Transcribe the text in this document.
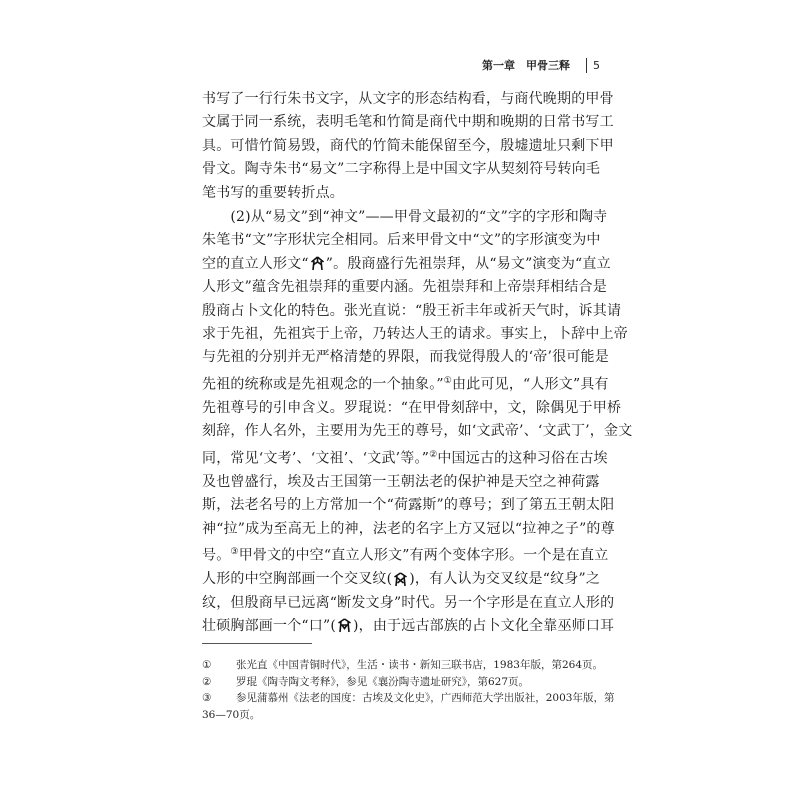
第一章　甲骨三释 5

书写了一行行朱书文字，从文字的形态结构看，与商代晚期的甲骨
文属于同一系统，表明毛笔和竹简是商代中期和晚期的日常书写工
具。可惜竹简易毁，商代的竹简未能保留至今，殷墟遗址只剩下甲
骨文。陶寺朱书“易文”二字称得上是中国文字从契刻符号转向毛
笔书写的重要转折点。

　　(2)从“易文”到“神文”——甲骨文最初的“文”字的字形和陶寺
朱笔书“文”字形状完全相同。后来甲骨文中“文”的字形演变为中
空的直立人形文“ ”。殷商盛行先祖崇拜，从“易文”演变为“直立
人形文”蕴含先祖崇拜的重要内涵。先祖崇拜和上帝崇拜相结合是
殷商占卜文化的特色。张光直说：“殷王祈丰年或祈天气时，诉其请
求于先祖，先祖宾于上帝，乃转达人王的请求。事实上，卜辞中上帝
与先祖的分别并无严格清楚的界限，而我觉得殷人的‘帝’很可能是
先祖的统称或是先祖观念的一个抽象。”①由此可见，“人形文”具有
先祖尊号的引申含义。罗琨说：“在甲骨刻辞中，文，除偶见于甲桥
刻辞，作人名外，主要用为先王的尊号，如‘文武帝’、‘文武丁’，金文
同，常见‘文考’、‘文祖’、‘文武’等。”②中国远古的这种习俗在古埃
及也曾盛行，埃及古王国第一王朝法老的保护神是天空之神荷露
斯，法老名号的上方常加一个“荷露斯”的尊号；到了第五王朝太阳
神“拉”成为至高无上的神，法老的名字上方又冠以“拉神之子”的尊
号。③甲骨文的中空“直立人形文”有两个变体字形。一个是在直立
人形的中空胸部画一个交叉纹( )，有人认为交叉纹是“纹身”之
纹，但殷商早已远离“断发文身”时代。另一个字形是在直立人形的
壮硕胸部画一个“口”( )，由于远古部族的占卜文化全靠巫师口耳

①	张光直《中国青铜时代》，生活・读书・新知三联书店，1983年版，第264页。
②	罗琨《陶寺陶文考释》，参见《襄汾陶寺遗址研究》，第627页。
③	参见蒲慕州《法老的国度：古埃及文化史》，广西师范大学出版社，2003年版，第
36—70页。
